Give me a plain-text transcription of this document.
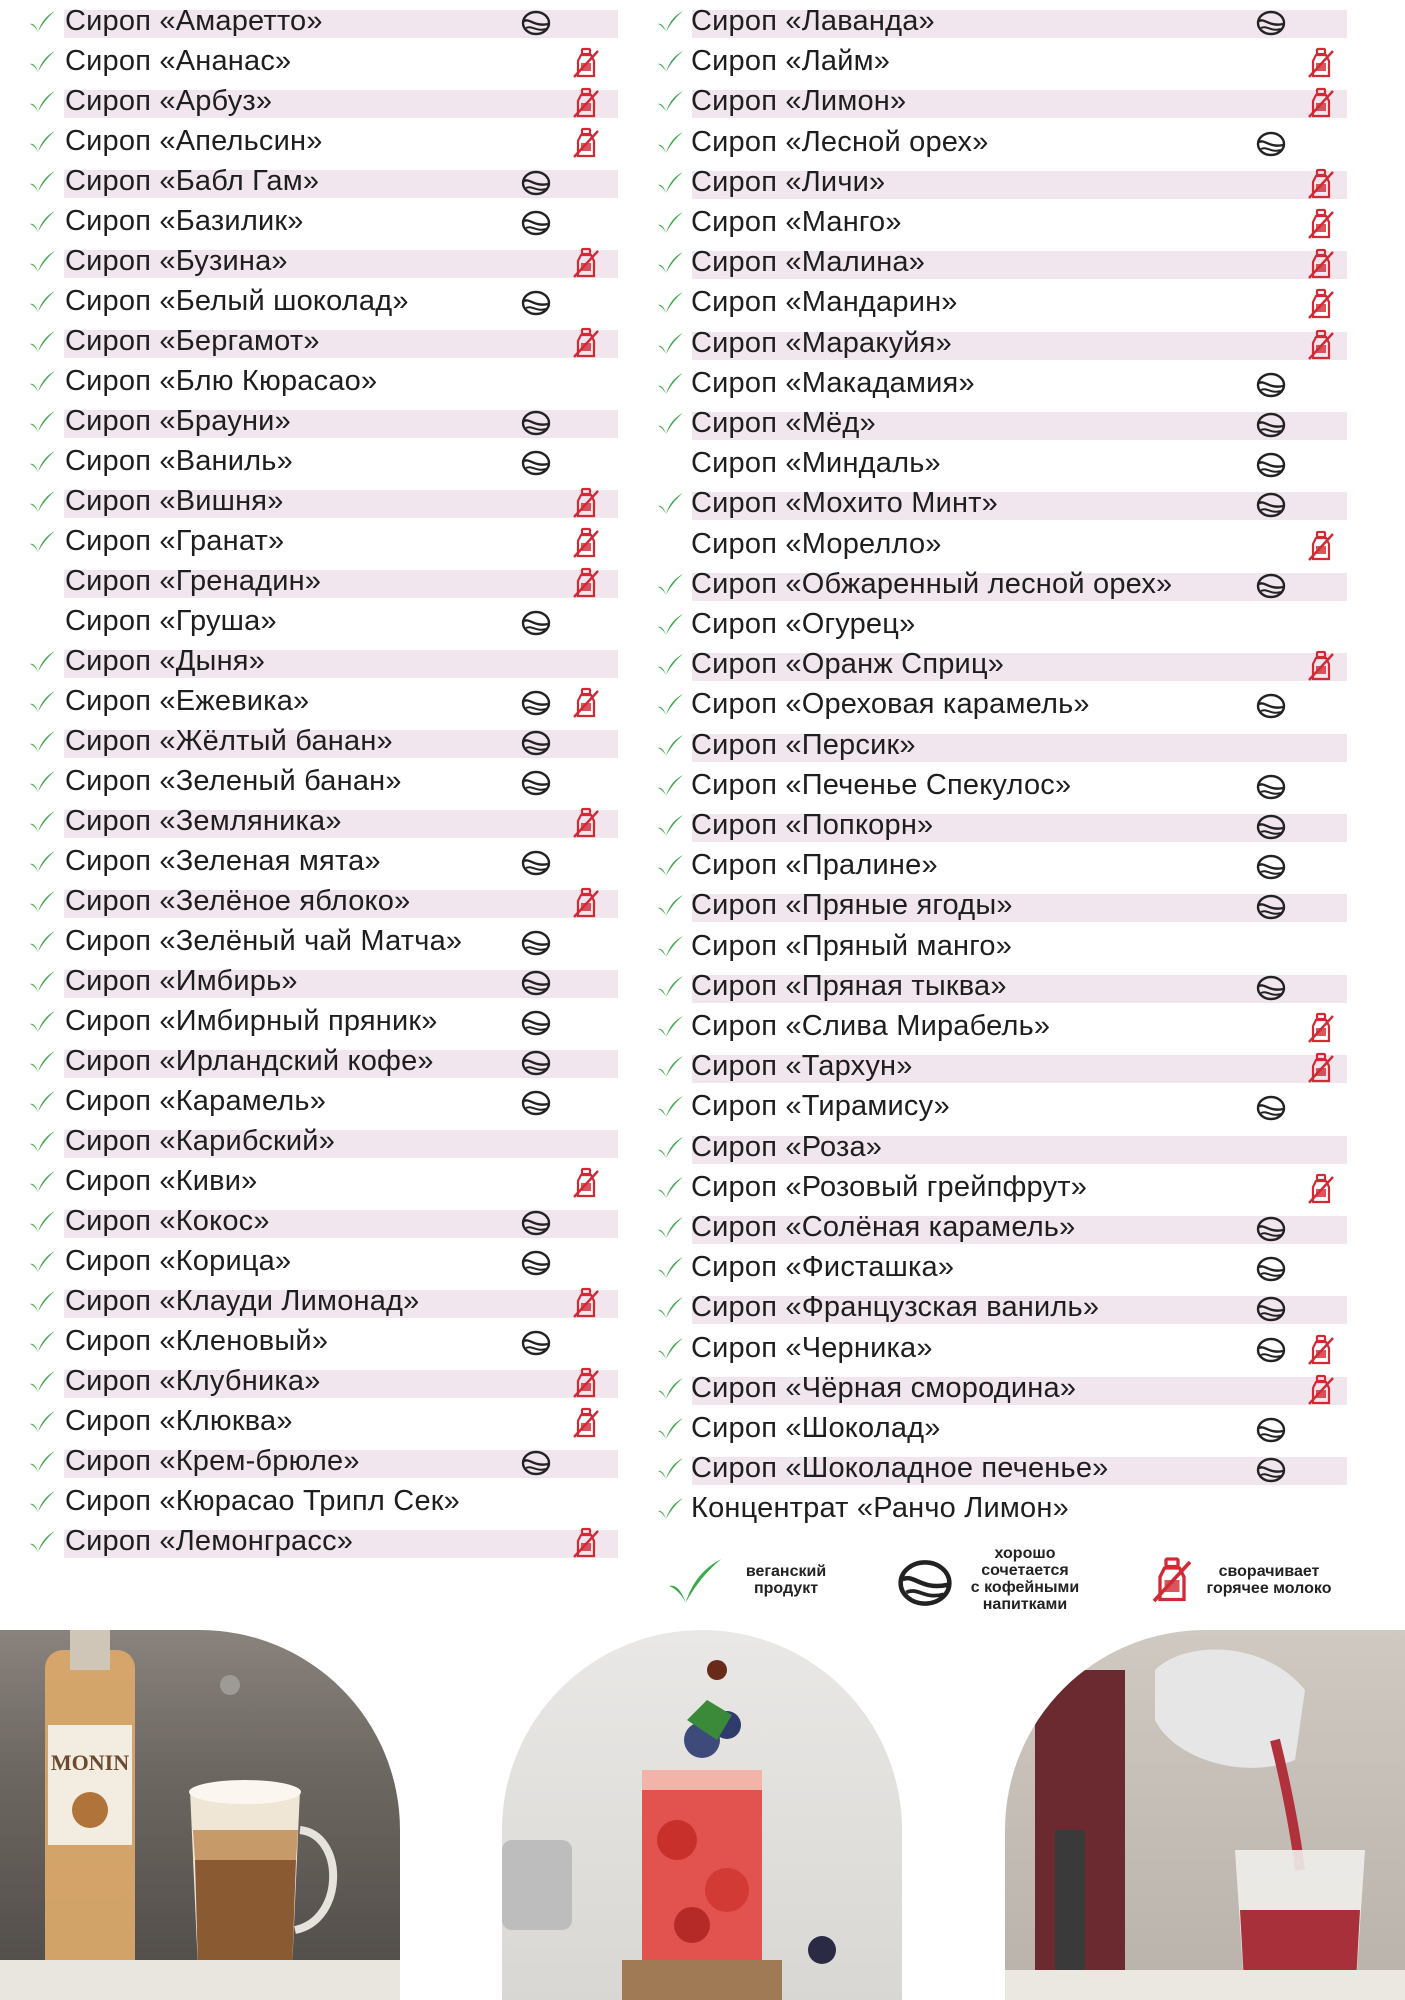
Сироп «Амаретто»
Сироп «Ананас»
Сироп «Арбуз»
Сироп «Апельсин»
Сироп «Бабл Гам»
Сироп «Базилик»
Сироп «Бузина»
Сироп «Белый шоколад»
Сироп «Бергамот»
Сироп «Блю Кюрасао»
Сироп «Брауни»
Сироп «Ваниль»
Сироп «Вишня»
Сироп «Гранат»
Сироп «Гренадин»
Сироп «Груша»
Сироп «Дыня»
Сироп «Ежевика»
Сироп «Жёлтый банан»
Сироп «Зеленый банан»
Сироп «Земляника»
Сироп «Зеленая мята»
Сироп «Зелёное яблоко»
Сироп «Зелёный чай Матча»
Сироп «Имбирь»
Сироп «Имбирный пряник»
Сироп «Ирландский кофе»
Сироп «Карамель»
Сироп «Карибский»
Сироп «Киви»
Сироп «Кокос»
Сироп «Корица»
Сироп «Клауди Лимонад»
Сироп «Кленовый»
Сироп «Клубника»
Сироп «Клюква»
Сироп «Крем-брюле»
Сироп «Кюрасао Трипл Сек»
Сироп «Лемонграсс»
Сироп «Лаванда»
Сироп «Лайм»
Сироп «Лимон»
Сироп «Лесной орех»
Сироп «Личи»
Сироп «Манго»
Сироп «Малина»
Сироп «Мандарин»
Сироп «Маракуйя»
Сироп «Макадамия»
Сироп «Мёд»
Сироп «Миндаль»
Сироп «Мохито Минт»
Сироп «Морелло»
Сироп «Обжаренный лесной орех»
Сироп «Огурец»
Сироп «Оранж Сприц»
Сироп «Ореховая карамель»
Сироп «Персик»
Сироп «Печенье Спекулос»
Сироп «Попкорн»
Сироп «Пралине»
Сироп «Пряные ягоды»
Сироп «Пряный манго»
Сироп «Пряная тыква»
Сироп «Слива Мирабель»
Сироп «Тархун»
Сироп «Тирамису»
Сироп «Роза»
Сироп «Розовый грейпфрут»
Сироп «Солёная карамель»
Сироп «Фисташка»
Сироп «Французская ваниль»
Сироп «Черника»
Сироп «Чёрная смородина»
Сироп «Шоколад»
Сироп «Шоколадное печенье»
Концентрат «Ранчо Лимон»
веганский
продукт
хорошо
сочетается
с кофейными
напитками
сворачивает
горячее молоко
MONIN
